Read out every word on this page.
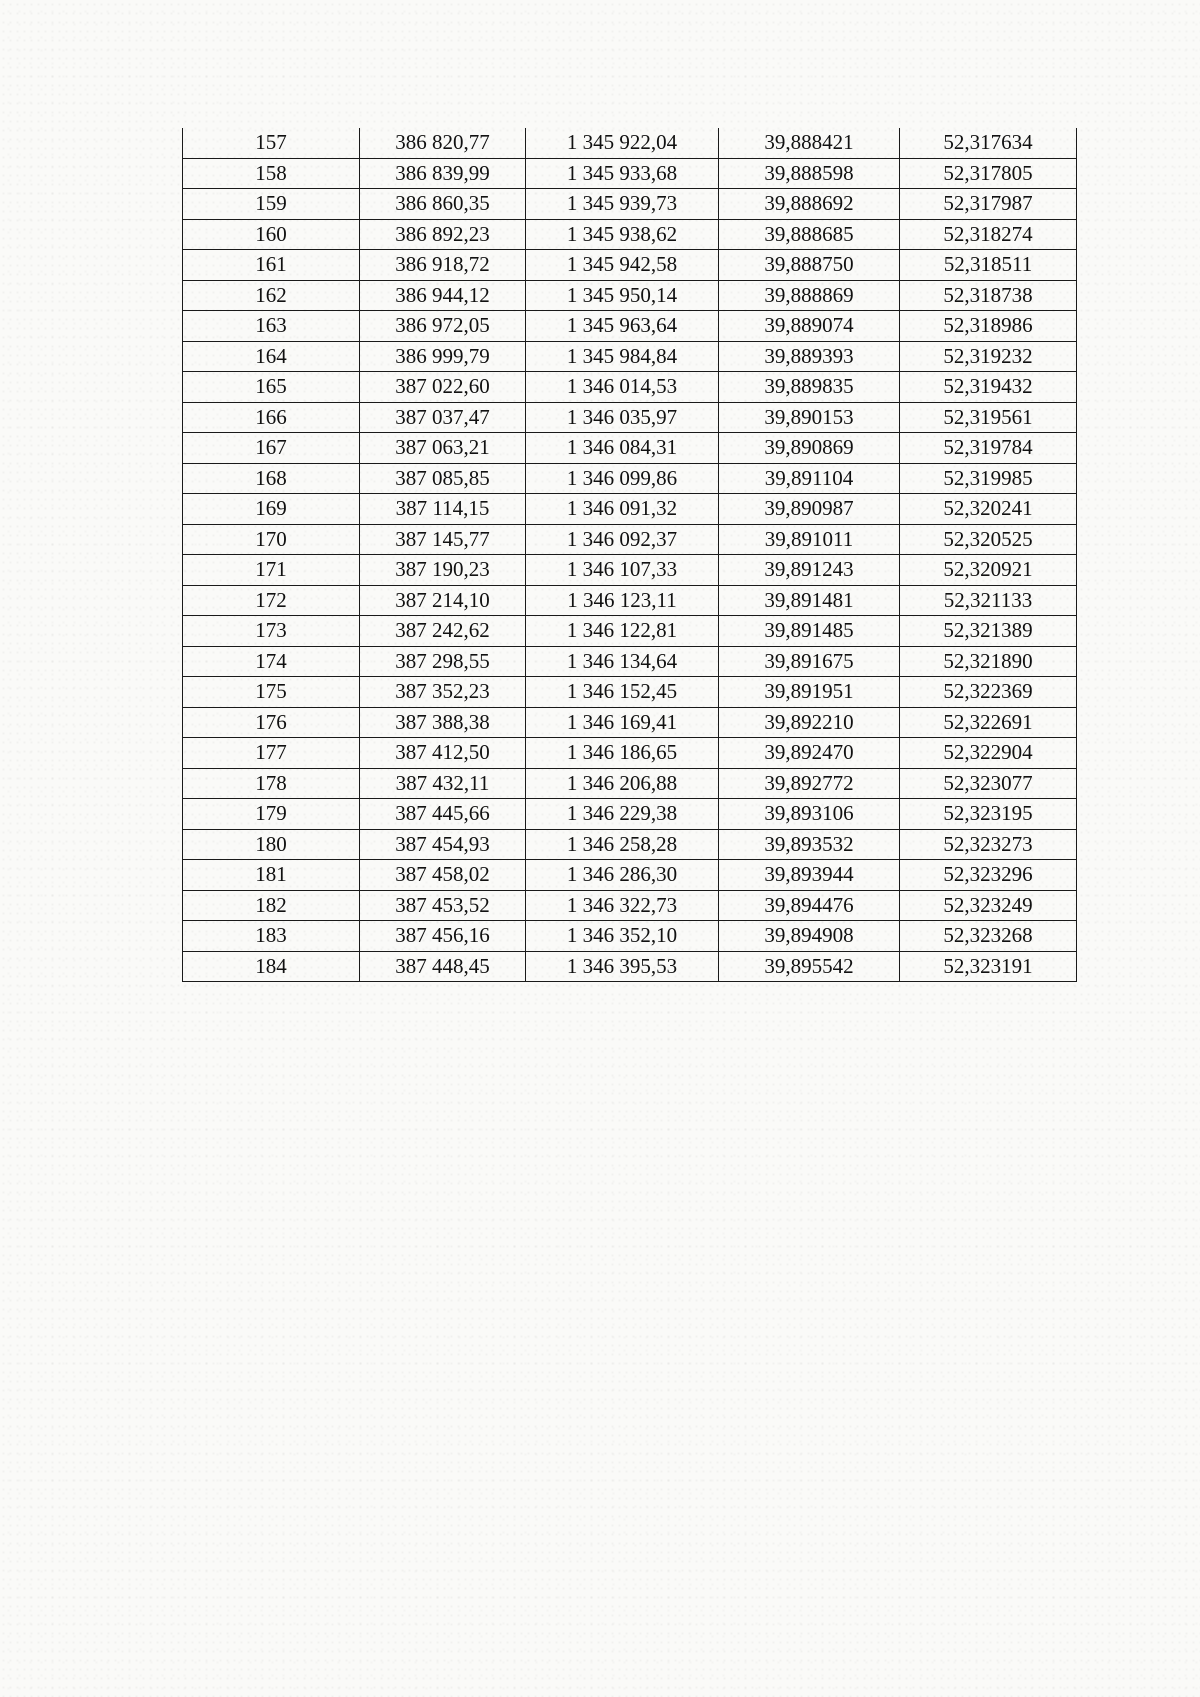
157	386 820,77	1 345 922,04	39,888421	52,317634
158	386 839,99	1 345 933,68	39,888598	52,317805
159	386 860,35	1 345 939,73	39,888692	52,317987
160	386 892,23	1 345 938,62	39,888685	52,318274
161	386 918,72	1 345 942,58	39,888750	52,318511
162	386 944,12	1 345 950,14	39,888869	52,318738
163	386 972,05	1 345 963,64	39,889074	52,318986
164	386 999,79	1 345 984,84	39,889393	52,319232
165	387 022,60	1 346 014,53	39,889835	52,319432
166	387 037,47	1 346 035,97	39,890153	52,319561
167	387 063,21	1 346 084,31	39,890869	52,319784
168	387 085,85	1 346 099,86	39,891104	52,319985
169	387 114,15	1 346 091,32	39,890987	52,320241
170	387 145,77	1 346 092,37	39,891011	52,320525
171	387 190,23	1 346 107,33	39,891243	52,320921
172	387 214,10	1 346 123,11	39,891481	52,321133
173	387 242,62	1 346 122,81	39,891485	52,321389
174	387 298,55	1 346 134,64	39,891675	52,321890
175	387 352,23	1 346 152,45	39,891951	52,322369
176	387 388,38	1 346 169,41	39,892210	52,322691
177	387 412,50	1 346 186,65	39,892470	52,322904
178	387 432,11	1 346 206,88	39,892772	52,323077
179	387 445,66	1 346 229,38	39,893106	52,323195
180	387 454,93	1 346 258,28	39,893532	52,323273
181	387 458,02	1 346 286,30	39,893944	52,323296
182	387 453,52	1 346 322,73	39,894476	52,323249
183	387 456,16	1 346 352,10	39,894908	52,323268
184	387 448,45	1 346 395,53	39,895542	52,323191
